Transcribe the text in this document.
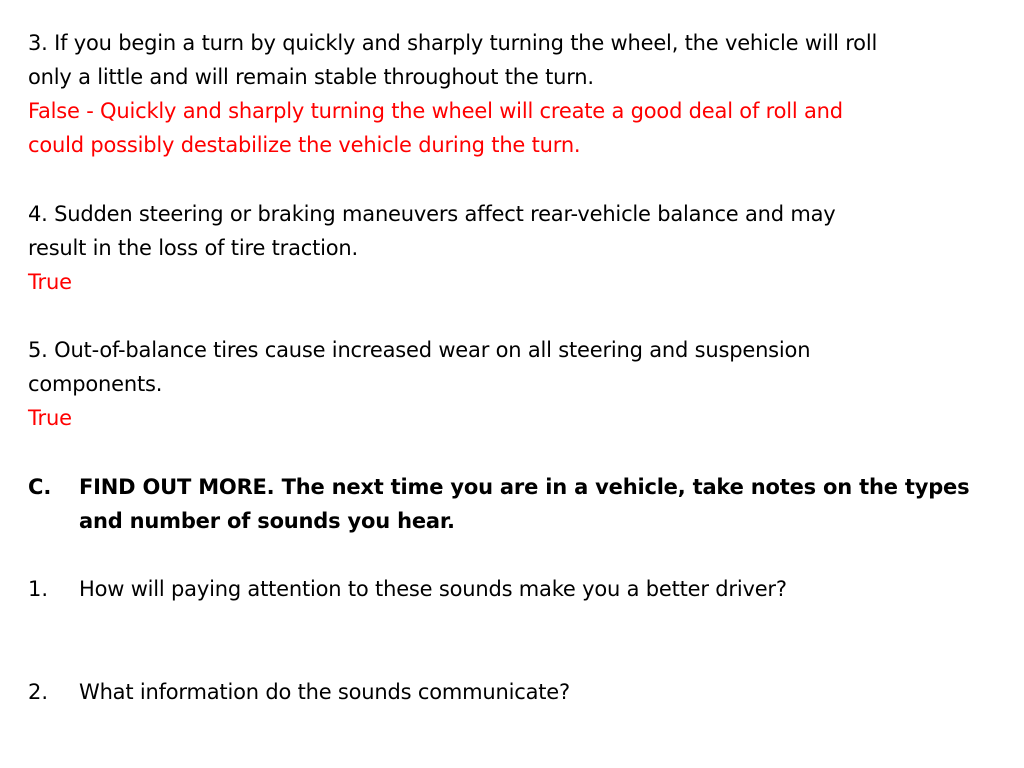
3. If you begin a turn by quickly and sharply turning the wheel, the vehicle will roll
only a little and will remain stable throughout the turn.
False - Quickly and sharply turning the wheel will create a good deal of roll and
could possibly destabilize the vehicle during the turn.
4. Sudden steering or braking maneuvers affect rear-vehicle balance and may
result in the loss of tire traction.
True
5. Out-of-balance tires cause increased wear on all steering and suspension
components.
True
C. FIND OUT MORE. The next time you are in a vehicle, take notes on the types
and number of sounds you hear.
1. How will paying attention to these sounds make you a better driver?
2. What information do the sounds communicate?
